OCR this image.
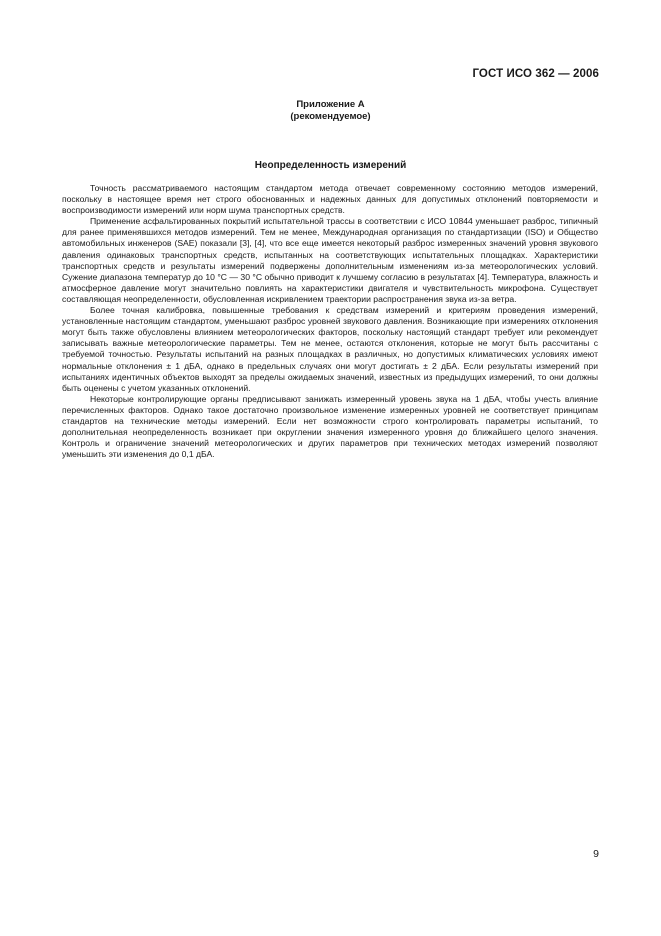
ГОСТ ИСО 362 — 2006
Приложение А
(рекомендуемое)
Неопределенность измерений

Точность рассматриваемого настоящим стандартом метода отвечает современному состоянию методов измерений, поскольку в настоящее время нет строго обоснованных и надежных данных для допустимых отклонений повторяемости и воспроизводимости измерений или норм шума транспортных средств.

Применение асфальтированных покрытий испытательной трассы в соответствии с ИСО 10844 уменьшает разброс, типичный для ранее применявшихся методов измерений. Тем не менее, Международная организация по стандартизации (ISO) и Общество автомобильных инженеров (SAE) показали [3], [4], что все еще имеется некоторый разброс измеренных значений уровня звукового давления одинаковых транспортных средств, испытанных на соответствующих испытательных площадках. Характеристики транспортных средств и результаты измерений подвержены дополнительным изменениям из-за метеорологических условий. Сужение диапазона температур до 10 °С — 30 °С обычно приводит к лучшему согласию в результатах [4]. Температура, влажность и атмосферное давление могут значительно повлиять на характеристики двигателя и чувствительность микрофона. Существует составляющая неопределенности, обусловленная искривлением траектории распространения звука из-за ветра.

Более точная калибровка, повышенные требования к средствам измерений и критериям проведения измерений, установленные настоящим стандартом, уменьшают разброс уровней звукового давления. Возникающие при измерениях отклонения могут быть также обусловлены влиянием метеорологических факторов, поскольку настоящий стандарт требует или рекомендует записывать важные метеорологические параметры. Тем не менее, остаются отклонения, которые не могут быть рассчитаны с требуемой точностью. Результаты испытаний на разных площадках в различных, но допустимых климатических условиях имеют нормальные отклонения ± 1 дБА, однако в предельных случаях они могут достигать ± 2 дБА. Если результаты измерений при испытаниях идентичных объектов выходят за пределы ожидаемых значений, известных из предыдущих измерений, то они должны быть оценены с учетом указанных отклонений.

Некоторые контролирующие органы предписывают занижать измеренный уровень звука на 1 дБА, чтобы учесть влияние перечисленных факторов. Однако такое достаточно произвольное изменение измеренных уровней не соответствует принципам стандартов на технические методы измерений. Если нет возможности строго контролировать параметры испытаний, то дополнительная неопределенность возникает при округлении значения измеренного уровня до ближайшего целого значения. Контроль и ограничение значений метеорологических и других параметров при технических методах измерений позволяют уменьшить эти изменения до 0,1 дБА.

9
